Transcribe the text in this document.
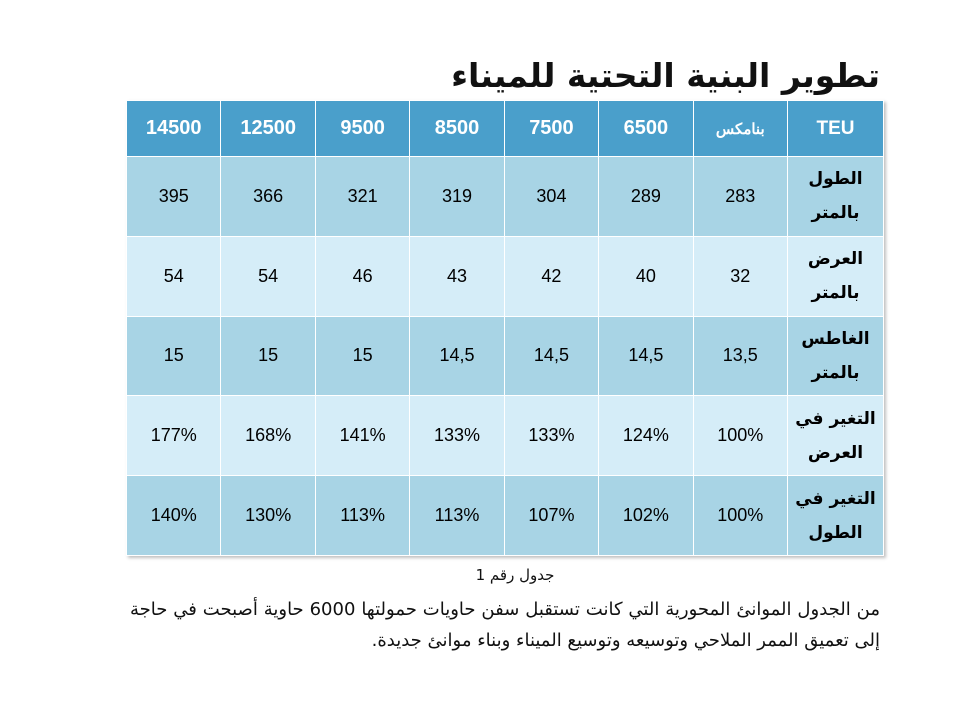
تطوير البنية التحتية للميناء
TEU	بنامكس	6500	7500	8500	9500	12500	14500
الطول
بالمتر	283	289	304	319	321	366	395
العرض
بالمتر	32	40	42	43	46	54	54
الغاطس
بالمتر	13,5	14,5	14,5	14,5	15	15	15
التغير في
العرض	100%	124%	133%	133%	141%	168%	177%
التغير في
الطول	100%	102%	107%	113%	113%	130%	140%
جدول رقم 1
من الجدول الموانئ المحورية التي كانت تستقبل سفن حاويات حمولتها 6000 حاوية أصبحت في حاجة إلى تعميق الممر الملاحي وتوسيعه وتوسيع الميناء وبناء موانئ جديدة.
